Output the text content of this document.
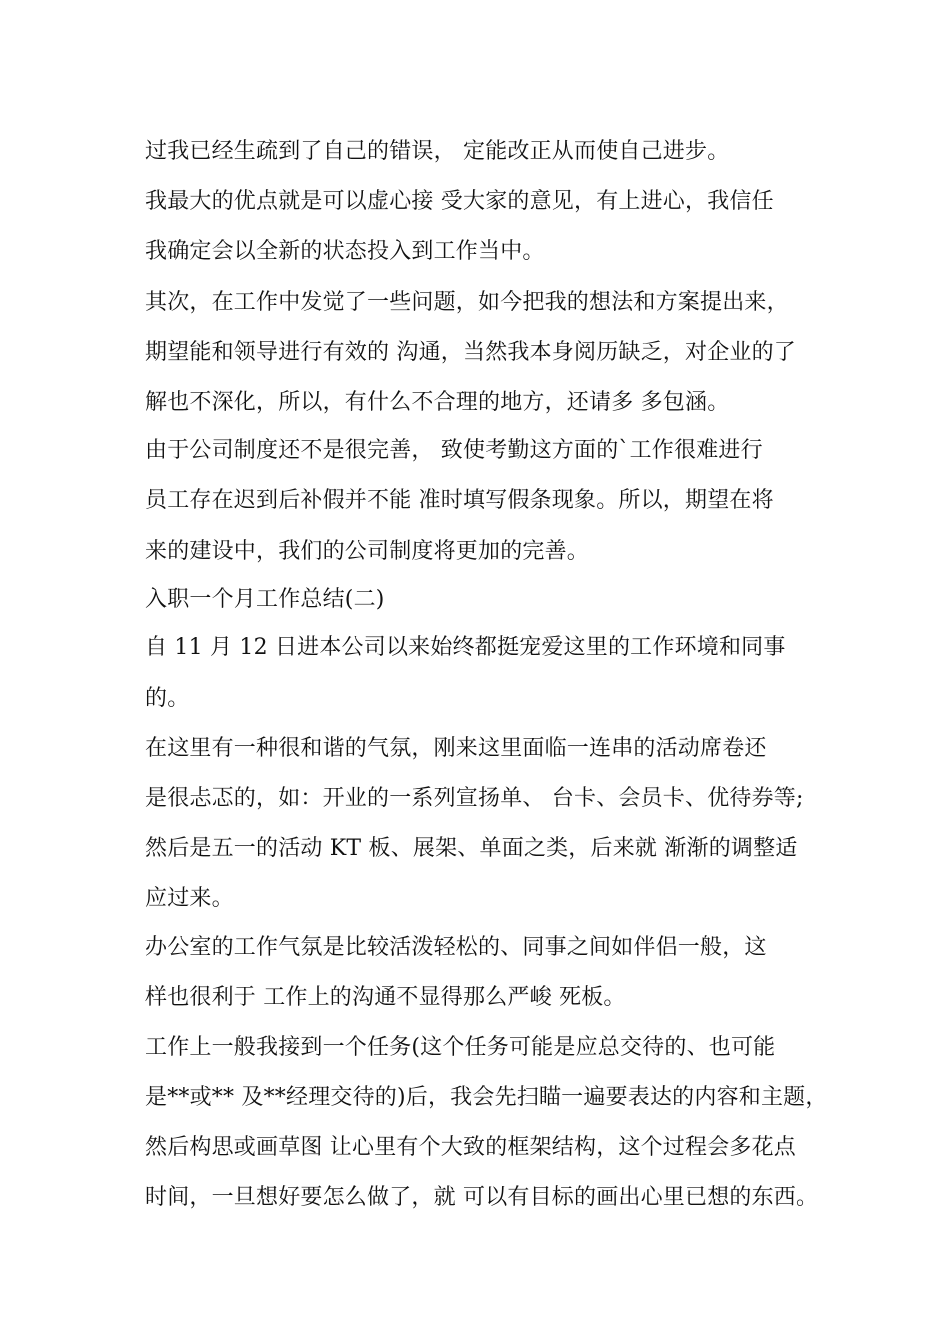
过我已经生疏到了自己的错误， 定能改正从而使自己进步。
我最大的优点就是可以虚心接 受大家的意见，有上进心，我信任
我确定会以全新的状态投入到工作当中。
其次，在工作中发觉了一些问题，如今把我的想法和方案提出来，
期望能和领导进行有效的 沟通，当然我本身阅历缺乏，对企业的了
解也不深化，所以，有什么不合理的地方，还请多 多包涵。
由于公司制度还不是很完善， 致使考勤这方面的`工作很难进行
员工存在迟到后补假并不能 准时填写假条现象。所以，期望在将
来的建设中，我们的公司制度将更加的完善。
入职一个月工作总结(二)
自 11 月 12 日进本公司以来始终都挺宠爱这里的工作环境和同事
的。
在这里有一种很和谐的气氛，刚来这里面临一连串的活动席卷还
是很忐忑的，如：开业的一系列宣扬单、 台卡、会员卡、优待券等;
然后是五一的活动 KT 板、展架、单面之类，后来就 渐渐的调整适
应过来。
办公室的工作气氛是比较活泼轻松的、同事之间如伴侣一般，这
样也很利于 工作上的沟通不显得那么严峻 死板。
工作上一般我接到一个任务(这个任务可能是应总交待的、也可能
是**或** 及**经理交待的)后，我会先扫瞄一遍要表达的内容和主题，
然后构思或画草图 让心里有个大致的框架结构，这个过程会多花点
时间，一旦想好要怎么做了，就 可以有目标的画出心里已想的东西。
